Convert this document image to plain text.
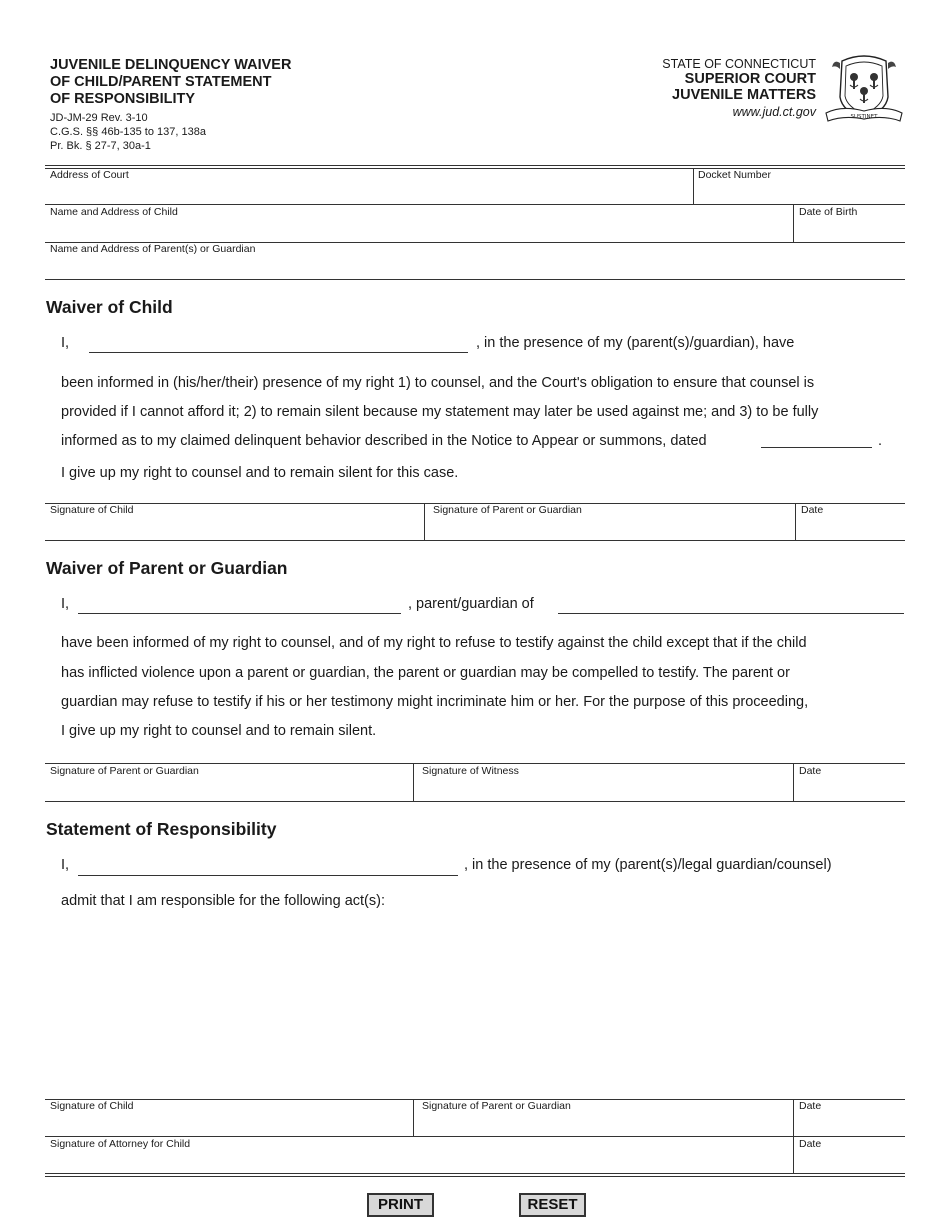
JUVENILE DELINQUENCY WAIVER
OF CHILD/PARENT STATEMENT
OF RESPONSIBILITY
JD-JM-29 Rev. 3-10
C.G.S. §§ 46b-135 to 137, 138a
Pr. Bk. § 27-7, 30a-1
STATE OF CONNECTICUT
SUPERIOR COURT
JUVENILE MATTERS
www.jud.ct.gov	SUSTINET
Address of Court	Docket Number
Name and Address of Child	Date of Birth
Name and Address of Parent(s) or Guardian
Waiver of Child
I,	, in the presence of my (parent(s)/guardian), have
been informed in (his/her/their) presence of my right 1) to counsel, and the Court's obligation to ensure that counsel is
provided if I cannot afford it; 2) to remain silent because my statement may later be used against me; and 3) to be fully
informed as to my claimed delinquent behavior described in the Notice to Appear or summons, dated	.
I give up my right to counsel and to remain silent for this case.
Signature of Child	Signature of Parent or Guardian	Date
Waiver of Parent or Guardian
I,	, parent/guardian of
have been informed of my right to counsel, and of my right to refuse to testify against the child except that if the child
has inflicted violence upon a parent or guardian, the parent or guardian may be compelled to testify. The parent or
guardian may refuse to testify if his or her testimony might incriminate him or her. For the purpose of this proceeding,
I give up my right to counsel and to remain silent.
Signature of Parent or Guardian	Signature of Witness	Date
Statement of Responsibility
I,	, in the presence of my (parent(s)/legal guardian/counsel)
admit that I am responsible for the following act(s):
Signature of Child	Signature of Parent or Guardian	Date
Signature of Attorney for Child	Date
PRINT	RESET
